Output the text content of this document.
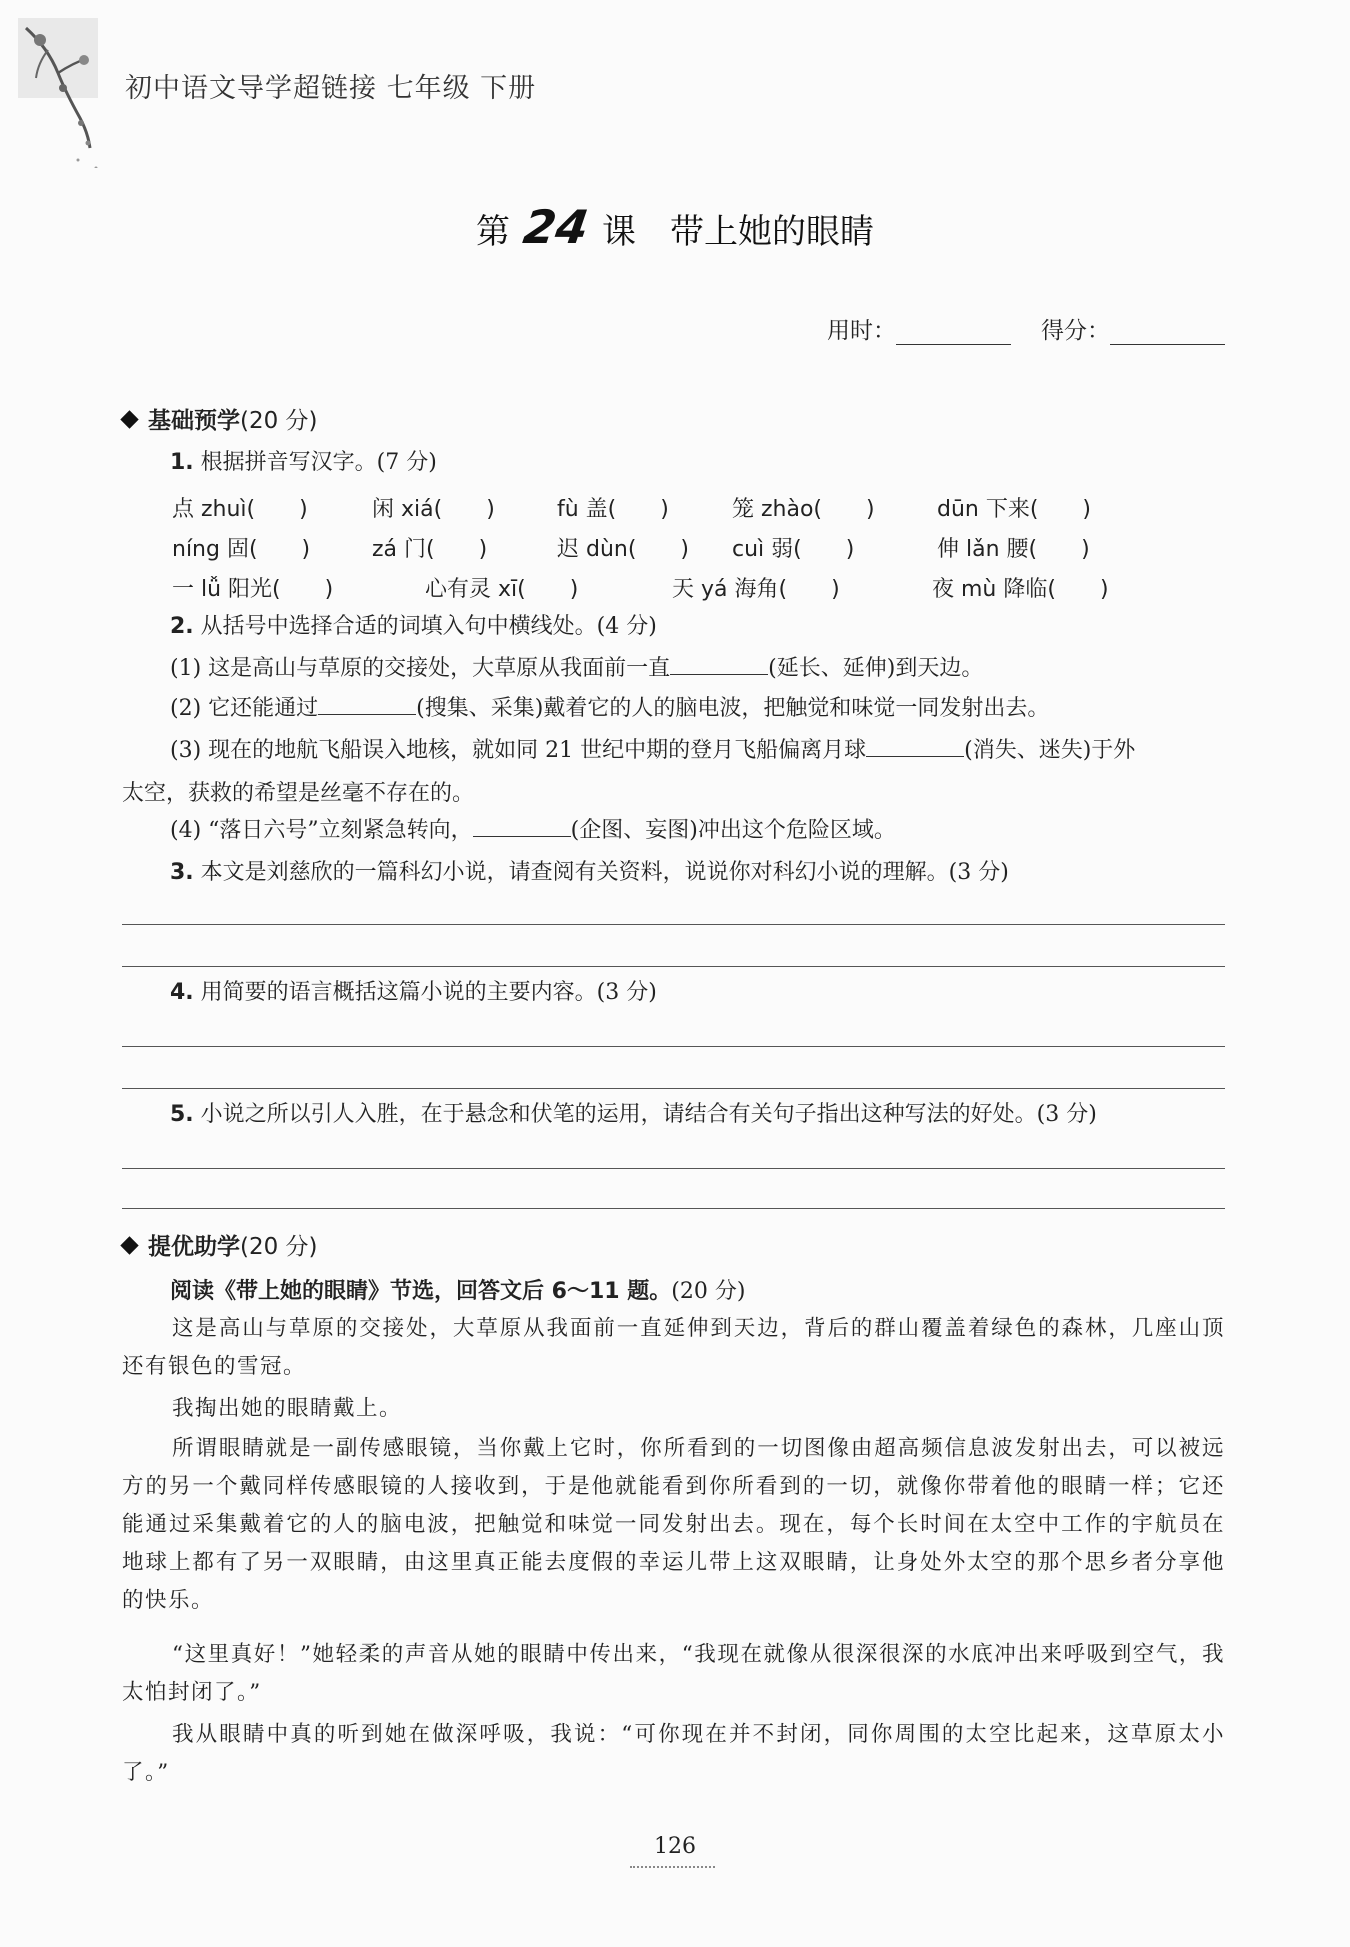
初中语文导学超链接 七年级 下册
第 24 课 带上她的眼睛
用时：	得分：
基础预学(20 分)
1. 根据拼音写汉字。(7 分)
点 zhuì(　　)	闲 xiá(　　)	fù 盖(　　)	笼 zhào(　　)	dūn 下来(　　)
níng 固(　　)	zá 门(　　)	迟 dùn(　　) cuì 弱(　　)	伸 lǎn 腰(　　)
一 lǚ 阳光(　　)	心有灵 xī(　　)	天 yá 海角(　　)	夜 mù 降临(　　)
2. 从括号中选择合适的词填入句中横线处。(4 分)
(1) 这是高山与草原的交接处，大草原从我面前一直	(延长、延伸)到天边。
(2) 它还能通过	(搜集、采集)戴着它的人的脑电波，把触觉和味觉一同发射出去。
(3) 现在的地航飞船误入地核，就如同 21 世纪中期的登月飞船偏离月球	(消失、迷失)于外
太空，获救的希望是丝毫不存在的。
(4) “落日六号”立刻紧急转向，	(企图、妄图)冲出这个危险区域。
3. 本文是刘慈欣的一篇科幻小说，请查阅有关资料，说说你对科幻小说的理解。(3 分)
4. 用简要的语言概括这篇小说的主要内容。(3 分)
5. 小说之所以引人入胜，在于悬念和伏笔的运用，请结合有关句子指出这种写法的好处。(3 分)
提优助学(20 分)
阅读《带上她的眼睛》节选，回答文后 6～11 题。(20 分)
这是高山与草原的交接处，大草原从我面前一直延伸到天边，背后的群山覆盖着绿色的森林，几座山顶还有银色的雪冠。
我掏出她的眼睛戴上。
所谓眼睛就是一副传感眼镜，当你戴上它时，你所看到的一切图像由超高频信息波发射出去，可以被远方的另一个戴同样传感眼镜的人接收到，于是他就能看到你所看到的一切，就像你带着他的眼睛一样；它还能通过采集戴着它的人的脑电波，把触觉和味觉一同发射出去。现在，每个长时间在太空中工作的宇航员在地球上都有了另一双眼睛，由这里真正能去度假的幸运儿带上这双眼睛，让身处外太空的那个思乡者分享他的快乐。
“这里真好！”她轻柔的声音从她的眼睛中传出来，“我现在就像从很深很深的水底冲出来呼吸到空气，我太怕封闭了。”
我从眼睛中真的听到她在做深呼吸，我说：“可你现在并不封闭，同你周围的太空比起来，这草原太小了。”
126
